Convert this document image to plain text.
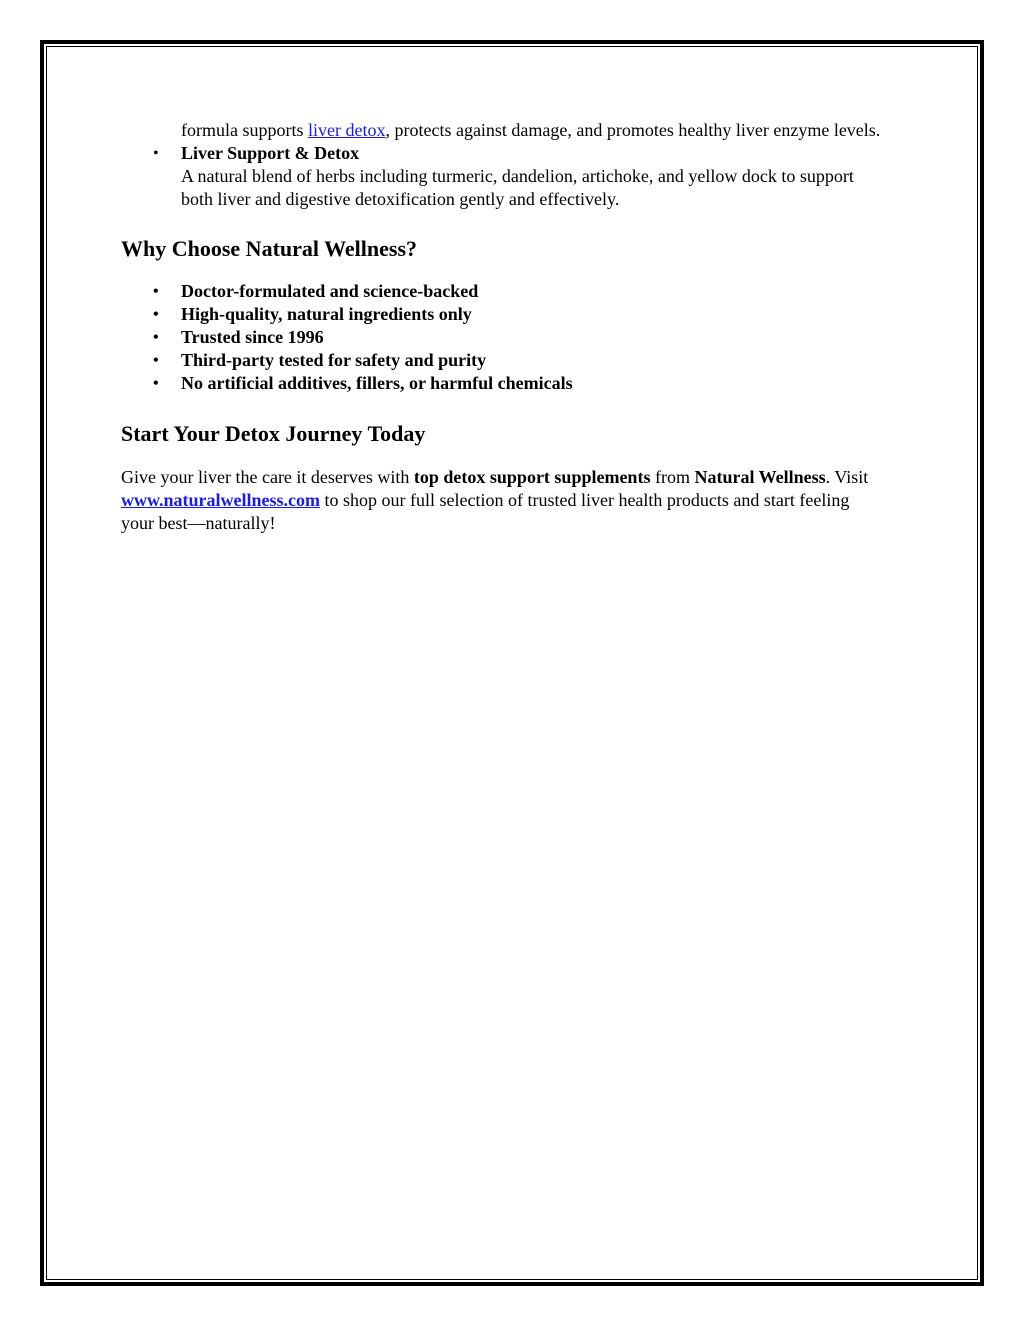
formula supports liver detox, protects against damage, and promotes healthy liver enzyme levels.
• Liver Support & Detox
A natural blend of herbs including turmeric, dandelion, artichoke, and yellow dock to support both liver and digestive detoxification gently and effectively.
Why Choose Natural Wellness?
• Doctor-formulated and science-backed
• High-quality, natural ingredients only
• Trusted since 1996
• Third-party tested for safety and purity
• No artificial additives, fillers, or harmful chemicals
Start Your Detox Journey Today

Give your liver the care it deserves with top detox support supplements from Natural Wellness. Visit www.naturalwellness.com to shop our full selection of trusted liver health products and start feeling your best—naturally!
